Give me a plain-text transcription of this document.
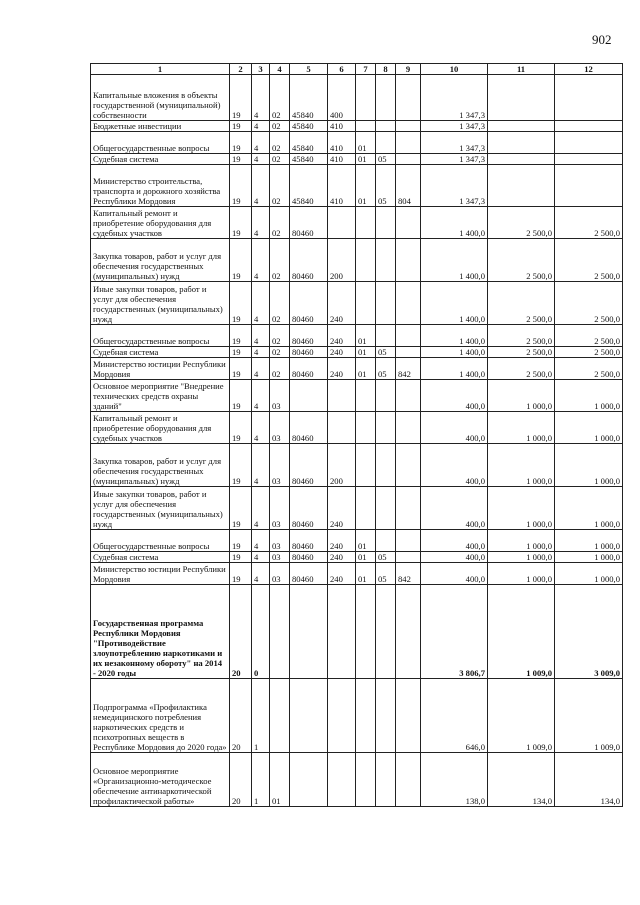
902
1	2	3	4	5	6	7	8	9	10	11	12
Капитальные вложения в объекты государственной (муниципальной) собственности	19	4	02	45840	400				1 347,3		
Бюджетные инвестиции	19	4	02	45840	410				1 347,3		
Общегосударственные вопросы	19	4	02	45840	410	01			1 347,3		
Судебная система	19	4	02	45840	410	01	05		1 347,3		
Министерство строительства, транспорта и дорожного хозяйства Республики Мордовия	19	4	02	45840	410	01	05	804	1 347,3		
Капитальный ремонт и приобретение оборудования для судебных участков	19	4	02	80460					1 400,0	2 500,0	2 500,0
Закупка товаров, работ и услуг для обеспечения государственных (муниципальных) нужд	19	4	02	80460	200				1 400,0	2 500,0	2 500,0
Иные закупки товаров, работ и услуг для обеспечения государственных (муниципальных) нужд	19	4	02	80460	240				1 400,0	2 500,0	2 500,0
Общегосударственные вопросы	19	4	02	80460	240	01			1 400,0	2 500,0	2 500,0
Судебная система	19	4	02	80460	240	01	05		1 400,0	2 500,0	2 500,0
Министерство юстиции Республики Мордовия	19	4	02	80460	240	01	05	842	1 400,0	2 500,0	2 500,0
Основное мероприятие "Внедрение технических средств охраны зданий"	19	4	03						400,0	1 000,0	1 000,0
Капитальный ремонт и приобретение оборудования для судебных участков	19	4	03	80460					400,0	1 000,0	1 000,0
Закупка товаров, работ и услуг для обеспечения государственных (муниципальных) нужд	19	4	03	80460	200				400,0	1 000,0	1 000,0
Иные закупки товаров, работ и услуг для обеспечения государственных (муниципальных) нужд	19	4	03	80460	240				400,0	1 000,0	1 000,0
Общегосударственные вопросы	19	4	03	80460	240	01			400,0	1 000,0	1 000,0
Судебная система	19	4	03	80460	240	01	05		400,0	1 000,0	1 000,0
Министерство юстиции Республики Мордовия	19	4	03	80460	240	01	05	842	400,0	1 000,0	1 000,0
Государственная программа Республики Мордовия "Противодействие злоупотреблению наркотиками и их незаконному обороту" на 2014 - 2020 годы	20	0							3 806,7	1 009,0	3 009,0
Подпрограмма «Профилактика немедицинского потребления наркотических средств и психотропных веществ в Республике Мордовия до 2020 года»	20	1							646,0	1 009,0	1 009,0
Основное мероприятие «Организационно-методическое обеспечение антинаркотической профилактической работы»	20	1	01						138,0	134,0	134,0
